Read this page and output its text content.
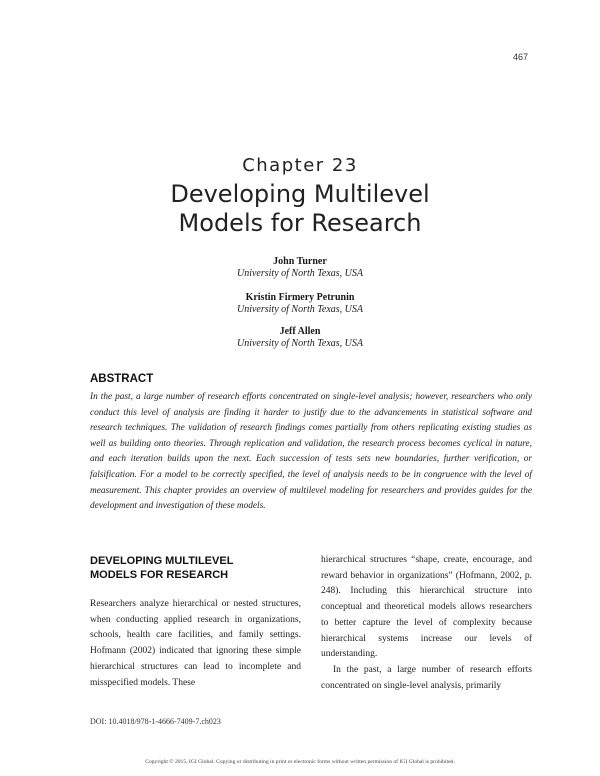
467
Chapter 23
Developing Multilevel
Models for Research
John Turner
University of North Texas, USA
Kristin Firmery Petrunin
University of North Texas, USA
Jeff Allen
University of North Texas, USA
ABSTRACT
In the past, a large number of research efforts concentrated on single-level analysis; however, researchers who only conduct this level of analysis are finding it harder to justify due to the advancements in statistical software and research techniques. The validation of research findings comes partially from others replicating existing studies as well as building onto theories. Through replication and validation, the research process becomes cyclical in nature, and each iteration builds upon the next. Each succession of tests sets new boundaries, further verification, or falsification. For a model to be correctly specified, the level of analysis needs to be in congruence with the level of measurement. This chapter provides an overview of multilevel modeling for researchers and provides guides for the development and investigation of these models.
DEVELOPING MULTILEVEL
MODELS FOR RESEARCH

Researchers analyze hierarchical or nested structures, when conducting applied research in organizations, schools, health care facilities, and family settings. Hofmann (2002) indicated that ignoring these simple hierarchical structures can lead to incomplete and misspecified models. These

hierarchical structures “shape, create, encourage, and reward behavior in organizations” (Hofmann, 2002, p. 248). Including this hierarchical structure into conceptual and theoretical models allows researchers to better capture the level of complexity because hierarchical systems increase our levels of understanding.

In the past, a large number of research efforts concentrated on single-level analysis, primarily

DOI: 10.4018/978-1-4666-7409-7.ch023
Copyright © 2015, IGI Global. Copying or distributing in print or electronic forms without written permission of IGI Global is prohibited.
